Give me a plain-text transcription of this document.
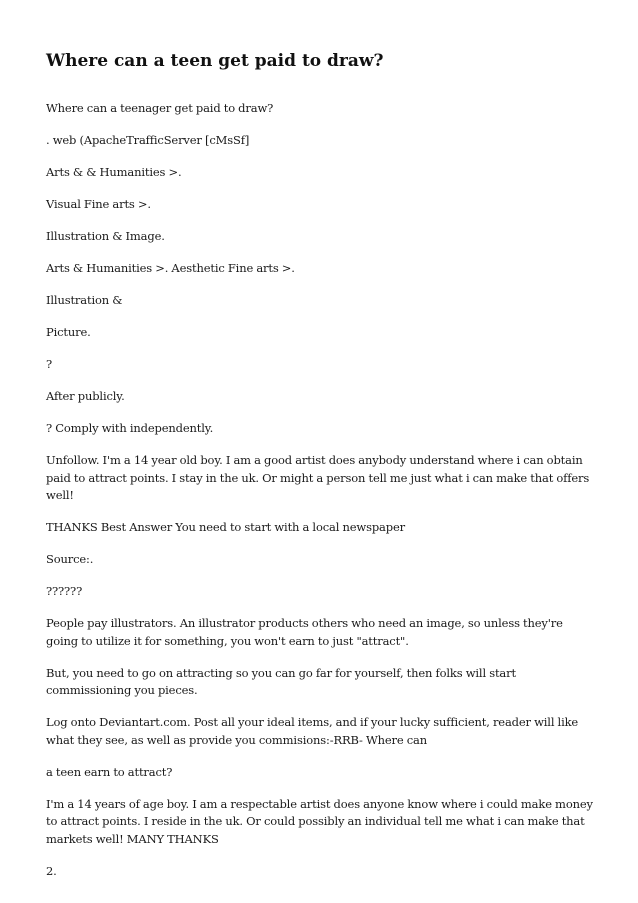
Where can a teen get paid to draw?

Where can a teenager get paid to draw?

. web (ApacheTrafficServer [cMsSf]

Arts & & Humanities >.

Visual Fine arts >.

Illustration & Image.

Arts & Humanities >. Aesthetic Fine arts >.

Illustration &

Picture.

?

After publicly.

? Comply with independently.

Unfollow. I'm a 14 year old boy. I am a good artist does anybody understand where i can obtain paid to attract points. I stay in the uk. Or might a person tell me just what i can make that offers well!

THANKS Best Answer You need to start with a local newspaper

Source:.

??????

People pay illustrators. An illustrator products others who need an image, so unless they're going to utilize it for something, you won't earn to just "attract".

But, you need to go on attracting so you can go far for yourself, then folks will start commissioning you pieces.

Log onto Deviantart.com. Post all your ideal items, and if your lucky sufficient, reader will like what they see, as well as provide you commisions:-RRB- Where can

a teen earn to attract?

I'm a 14 years of age boy. I am a respectable artist does anyone know where i could make money to attract points. I reside in the uk. Or could possibly an individual tell me what i can make that markets well! MANY THANKS

2.
